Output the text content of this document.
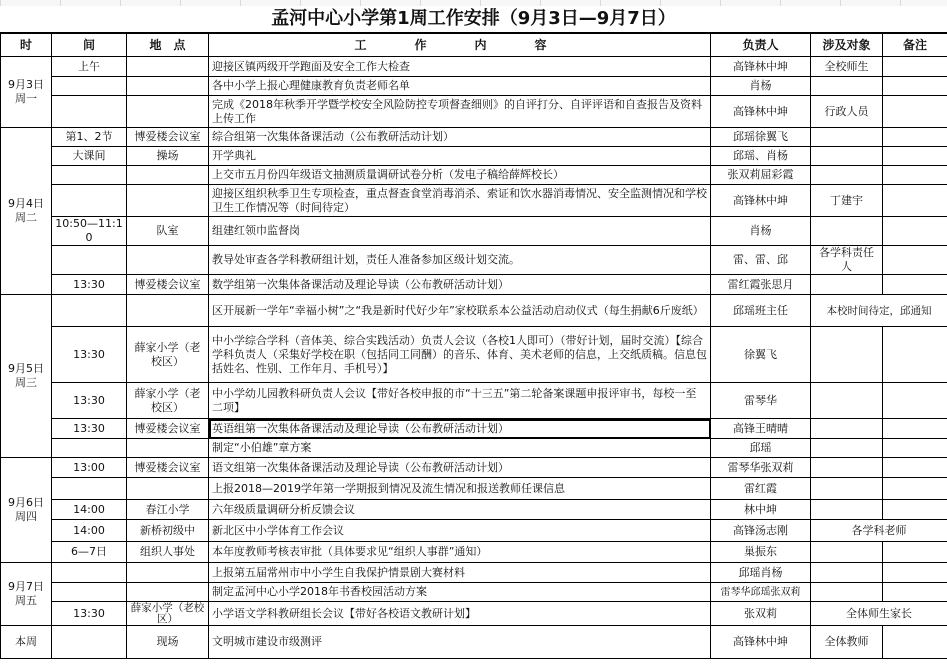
孟河中心小学第1周工作安排（9月3日—9月7日）
时	间	地　点	工　作　内　容	负责人	涉及对象	备注
9月3日
周一	上午		迎接区镇两级开学跑面及安全工作大检查	高锋林中坤	全校师生	
			各中小学上报心理健康教育负责老师名单	肖杨		
			完成《2018年秋季开学暨学校安全风险防控专项督查细则》的自评打分、自评评语和自查报告及资料上传工作	高锋林中坤	行政人员	
9月4日
周二	第1、2节	博爱楼会议室	综合组第一次集体备课活动（公布教研活动计划）	邱瑶徐翼飞		
	大课间	操场	开学典礼	邱瑶、肖杨		
			上交市五月份四年级语文抽测质量调研试卷分析（发电子稿给薛辉校长）	张双莉屈彩霞		
			迎接区组织秋季卫生专项检查，重点督查食堂消毒消杀、索证和饮水器消毒情况、安全监测情况和学校卫生工作情况等（时间待定）	高锋林中坤	丁建宇	
	10:50—11:10	队室	组建红领巾监督岗	肖杨		
			教导处审查各学科教研组计划，责任人准备参加区级计划交流。	雷、雷、邱	各学科责任人	
	13:30	博爱楼会议室	数学组第一次集体备课活动及理论导读（公布教研活动计划）	雷红霞张思月		
9月5日
周三			区开展新一学年“幸福小树”之“我是新时代好少年”家校联系本公益活动启动仪式（每生捐献6斤废纸）	邱瑶班主任	本校时间待定，邱通知	
	13:30	薛家小学（老校区）	中小学综合学科（音体美、综合实践活动）负责人会议（各校1人即可）（带好计划，届时交流）【综合学科负责人（采集好学校在职（包括同工同酬）的音乐、体育、美术老师的信息，上交纸质稿。信息包括姓名、性别、工作年月、手机号）】	徐翼飞		
	13:30	薛家小学（老校区）	中小学幼儿园教科研负责人会议【带好各校申报的市“十三五”第二轮备案课题申报评审书，每校一至二项】	雷琴华		
	13:30	博爱楼会议室	英语组第一次集体备课活动及理论导读（公布教研活动计划）	高锋王晴晴		
			制定“小伯雄”章方案	邱瑶		
9月6日
周四	13:00	博爱楼会议室	语文组第一次集体备课活动及理论导读（公布教研活动计划）	雷琴华张双莉		
			上报2018—2019学年第一学期报到情况及流生情况和报送教师任课信息	雷红霞		
	14:00	春江小学	六年级质量调研分析反馈会议	林中坤		
	14:00	新桥初级中	新北区中小学体育工作会议	高锋汤志刚	各学科老师	
	6—7日	组织人事处	本年度教师考核表审批（具体要求见“组织人事群”通知）	巢振东		
9月7日
周五			上报第五届常州市中小学生自我保护情景剧大赛材料	邱瑶肖杨		
			制定孟河中心小学2018年书香校园活动方案	雷琴华邱瑶张双莉		
	13:30	薛家小学（老校区）	小学语文学科教研组长会议【带好各校语文教研计划】	张双莉	全体师生家长	
本周		现场	文明城市建设市级测评	高锋林中坤	全体教师	
